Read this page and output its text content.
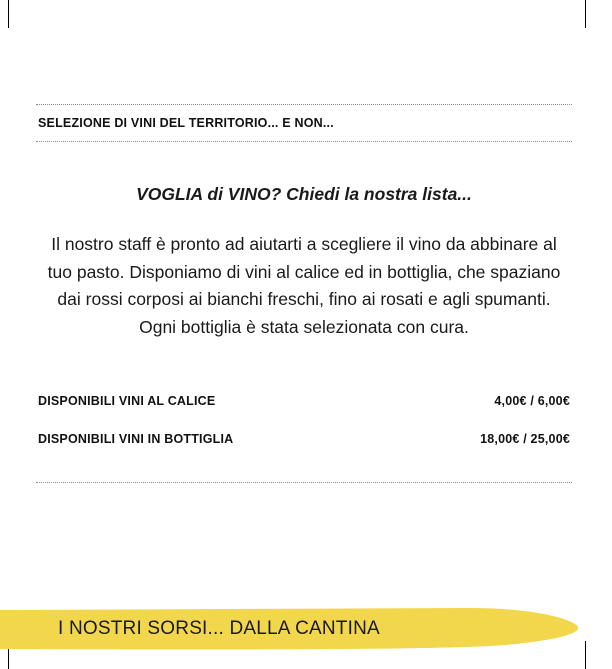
SELEZIONE DI VINI DEL TERRITORIO... E NON...
VOGLIA di VINO? Chiedi la nostra lista...
Il nostro staff è pronto ad aiutarti a scegliere il vino da abbinare al tuo pasto. Disponiamo di vini al calice ed in bottiglia, che spaziano dai rossi corposi ai bianchi freschi, fino ai rosati e agli spumanti. Ogni bottiglia è stata selezionata con cura.
DISPONIBILI VINI AL CALICE	4,00€ / 6,00€
DISPONIBILI VINI IN BOTTIGLIA	18,00€ / 25,00€
I NOSTRI SORSI... DALLA CANTINA
